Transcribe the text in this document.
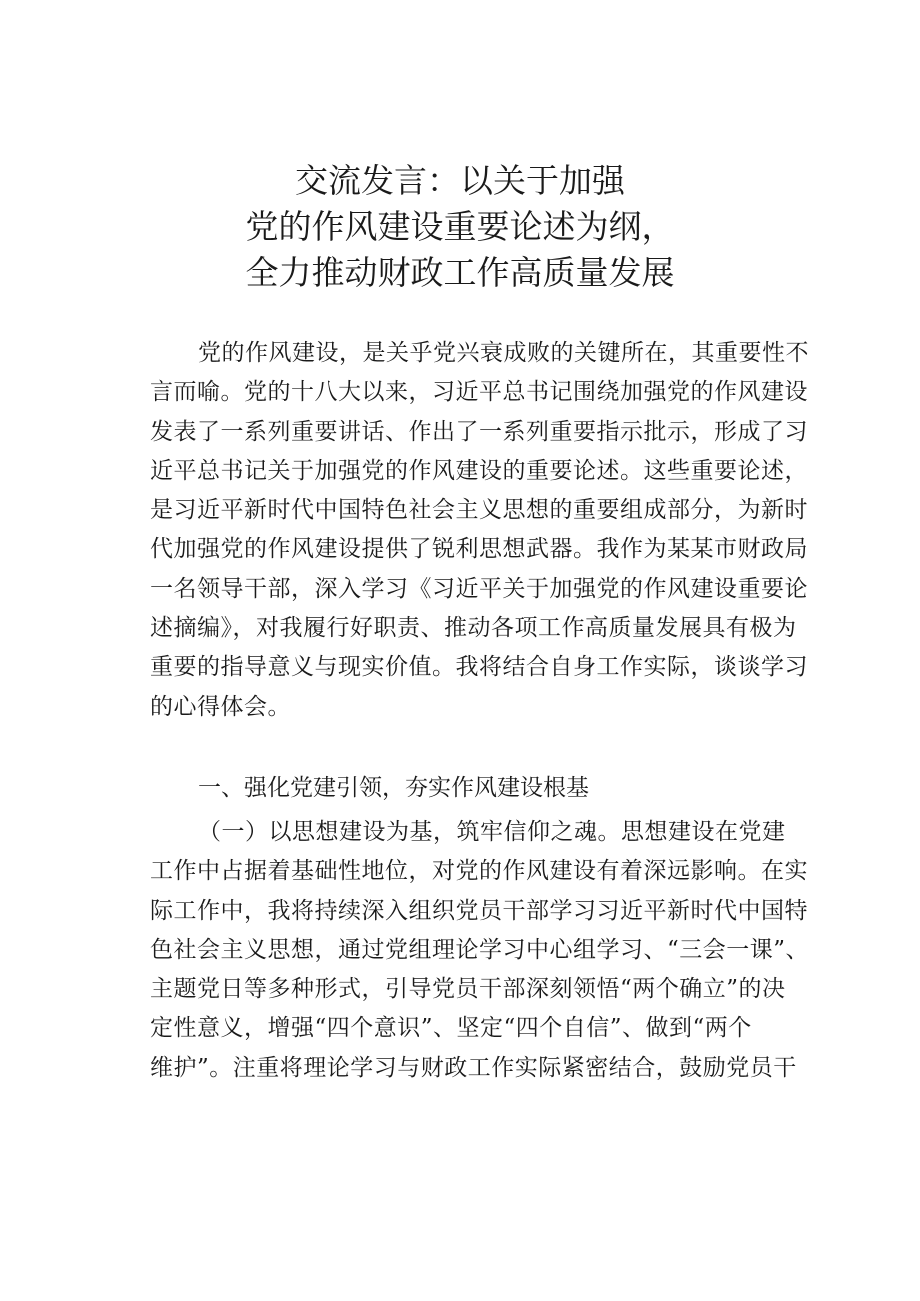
交流发言：以关于加强
党的作风建设重要论述为纲，
全力推动财政工作高质量发展
党的作风建设，是关乎党兴衰成败的关键所在，其重要性不
言而喻。党的十八大以来，习近平总书记围绕加强党的作风建设
发表了一系列重要讲话、作出了一系列重要指示批示，形成了习
近平总书记关于加强党的作风建设的重要论述。这些重要论述，
是习近平新时代中国特色社会主义思想的重要组成部分，为新时
代加强党的作风建设提供了锐利思想武器。我作为某某市财政局
一名领导干部，深入学习《习近平关于加强党的作风建设重要论
述摘编》，对我履行好职责、推动各项工作高质量发展具有极为
重要的指导意义与现实价值。我将结合自身工作实际，谈谈学习
的心得体会。
一、强化党建引领，夯实作风建设根基
（一）以思想建设为基，筑牢信仰之魂。思想建设在党建
工作中占据着基础性地位，对党的作风建设有着深远影响。在实
际工作中，我将持续深入组织党员干部学习习近平新时代中国特
色社会主义思想，通过党组理论学习中心组学习、“三会一课”、
主题党日等多种形式，引导党员干部深刻领悟“两个确立”的决
定性意义，增强“四个意识”、坚定“四个自信”、做到“两个
维护”。注重将理论学习与财政工作实际紧密结合，鼓励党员干
